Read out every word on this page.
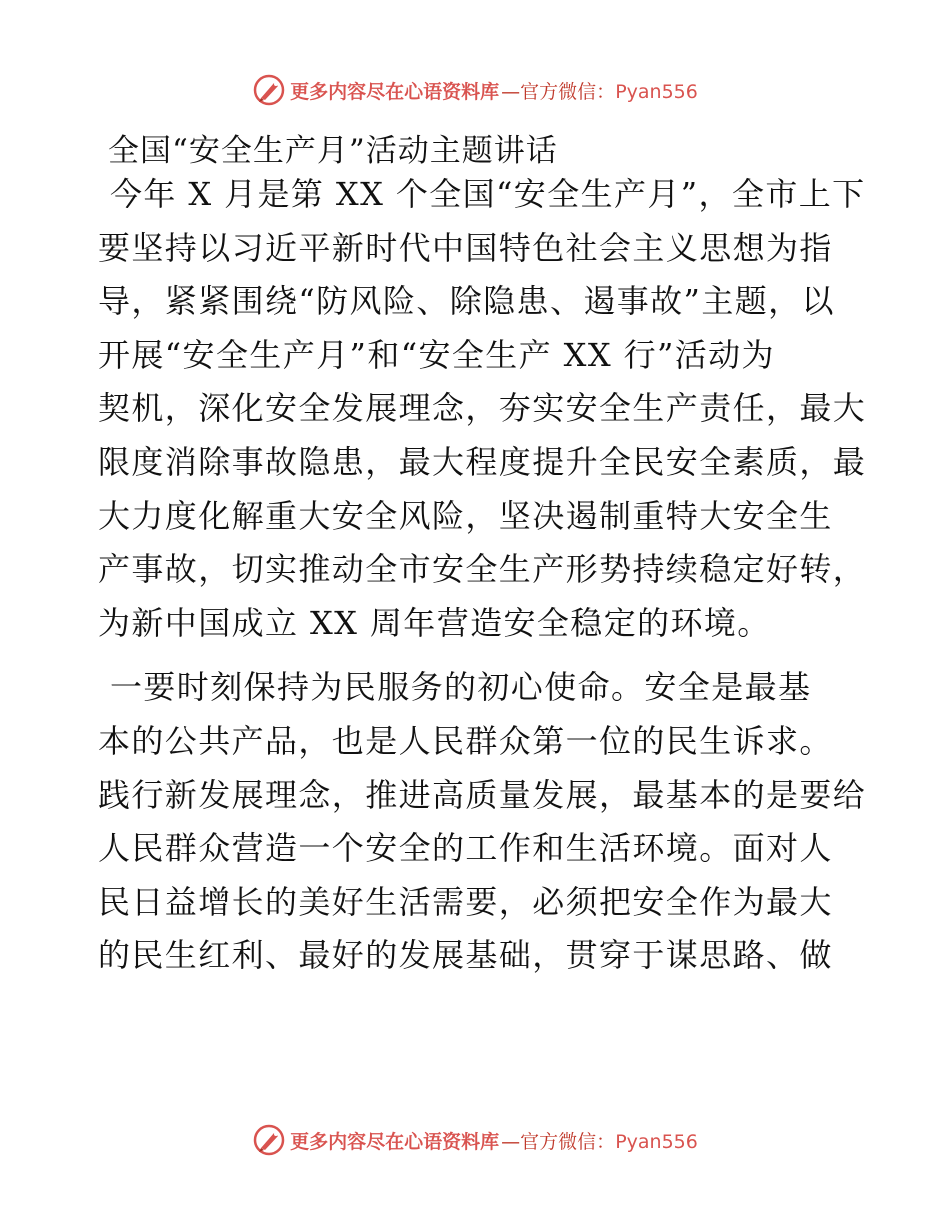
更多内容尽在心语资料库 — 官方微信：Pyan556
全国“安全生产月”活动主题讲话
今年 X 月是第 XX 个全国“安全生产月”，全市上下
要坚持以习近平新时代中国特色社会主义思想为指
导，紧紧围绕“防风险、除隐患、遏事故”主题，以
开展“安全生产月”和“安全生产 XX 行”活动为
契机，深化安全发展理念，夯实安全生产责任，最大
限度消除事故隐患，最大程度提升全民安全素质，最
大力度化解重大安全风险，坚决遏制重特大安全生
产事故，切实推动全市安全生产形势持续稳定好转，
为新中国成立 XX 周年营造安全稳定的环境。
一要时刻保持为民服务的初心使命。安全是最基
本的公共产品，也是人民群众第一位的民生诉求。
践行新发展理念，推进高质量发展，最基本的是要给
人民群众营造一个安全的工作和生活环境。面对人
民日益增长的美好生活需要，必须把安全作为最大
的民生红利、最好的发展基础，贯穿于谋思路、做
更多内容尽在心语资料库 — 官方微信：Pyan556
